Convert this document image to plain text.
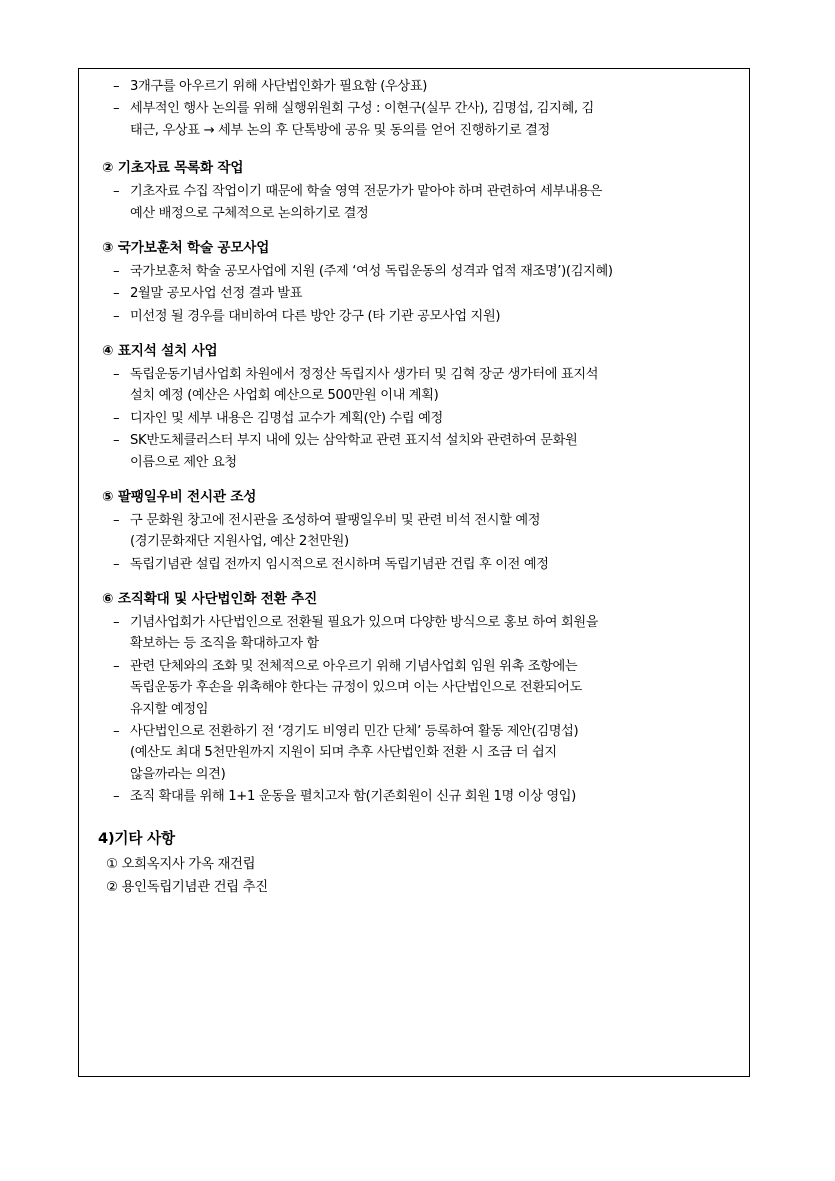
– 3개구를 아우르기 위해 사단법인화가 필요함 (우상표)
– 세부적인 행사 논의를 위해 실행위원회 구성 : 이현구(실무 간사), 김명섭, 김지혜, 김
태근, 우상표 → 세부 논의 후 단톡방에 공유 및 동의를 얻어 진행하기로 결정
② 기초자료 목록화 작업
– 기초자료 수집 작업이기 때문에 학술 영역 전문가가 맡아야 하며 관련하여 세부내용은
예산 배정으로 구체적으로 논의하기로 결정
③ 국가보훈처 학술 공모사업
– 국가보훈처 학술 공모사업에 지원 (주제 ‘여성 독립운동의 성격과 업적 재조명’)(김지혜)
– 2월말 공모사업 선정 결과 발표
– 미선정 될 경우를 대비하여 다른 방안 강구 (타 기관 공모사업 지원)
④ 표지석 설치 사업
– 독립운동기념사업회 차원에서 정정산 독립지사 생가터 및 김혁 장군 생가터에 표지석
설치 예정 (예산은 사업회 예산으로 500만원 이내 계획)
– 디자인 및 세부 내용은 김명섭 교수가 계획(안) 수립 예정
– SK반도체클러스터 부지 내에 있는 삼악학교 관련 표지석 설치와 관련하여 문화원
이름으로 제안 요청
⑤ 팔팽일우비 전시관 조성
– 구 문화원 창고에 전시관을 조성하여 팔팽일우비 및 관련 비석 전시할 예정
(경기문화재단 지원사업, 예산 2천만원)
– 독립기념관 설립 전까지 임시적으로 전시하며 독립기념관 건립 후 이전 예정
⑥ 조직확대 및 사단법인화 전환 추진
– 기념사업회가 사단법인으로 전환될 필요가 있으며 다양한 방식으로 홍보 하여 회원을
확보하는 등 조직을 확대하고자 함
– 관련 단체와의 조화 및 전체적으로 아우르기 위해 기념사업회 임원 위촉 조항에는
독립운동가 후손을 위촉해야 한다는 규정이 있으며 이는 사단법인으로 전환되어도
유지할 예정임
– 사단법인으로 전환하기 전 ‘경기도 비영리 민간 단체’ 등록하여 활동 제안(김명섭)
(예산도 최대 5천만원까지 지원이 되며 추후 사단법인화 전환 시 조금 더 쉽지
않을까라는 의견)
– 조직 확대를 위해 1+1 운동을 펼치고자 함(기존회원이 신규 회원 1명 이상 영입)
4)기타 사항
① 오희옥지사 가옥 재건립
② 용인독립기념관 건립 추진
